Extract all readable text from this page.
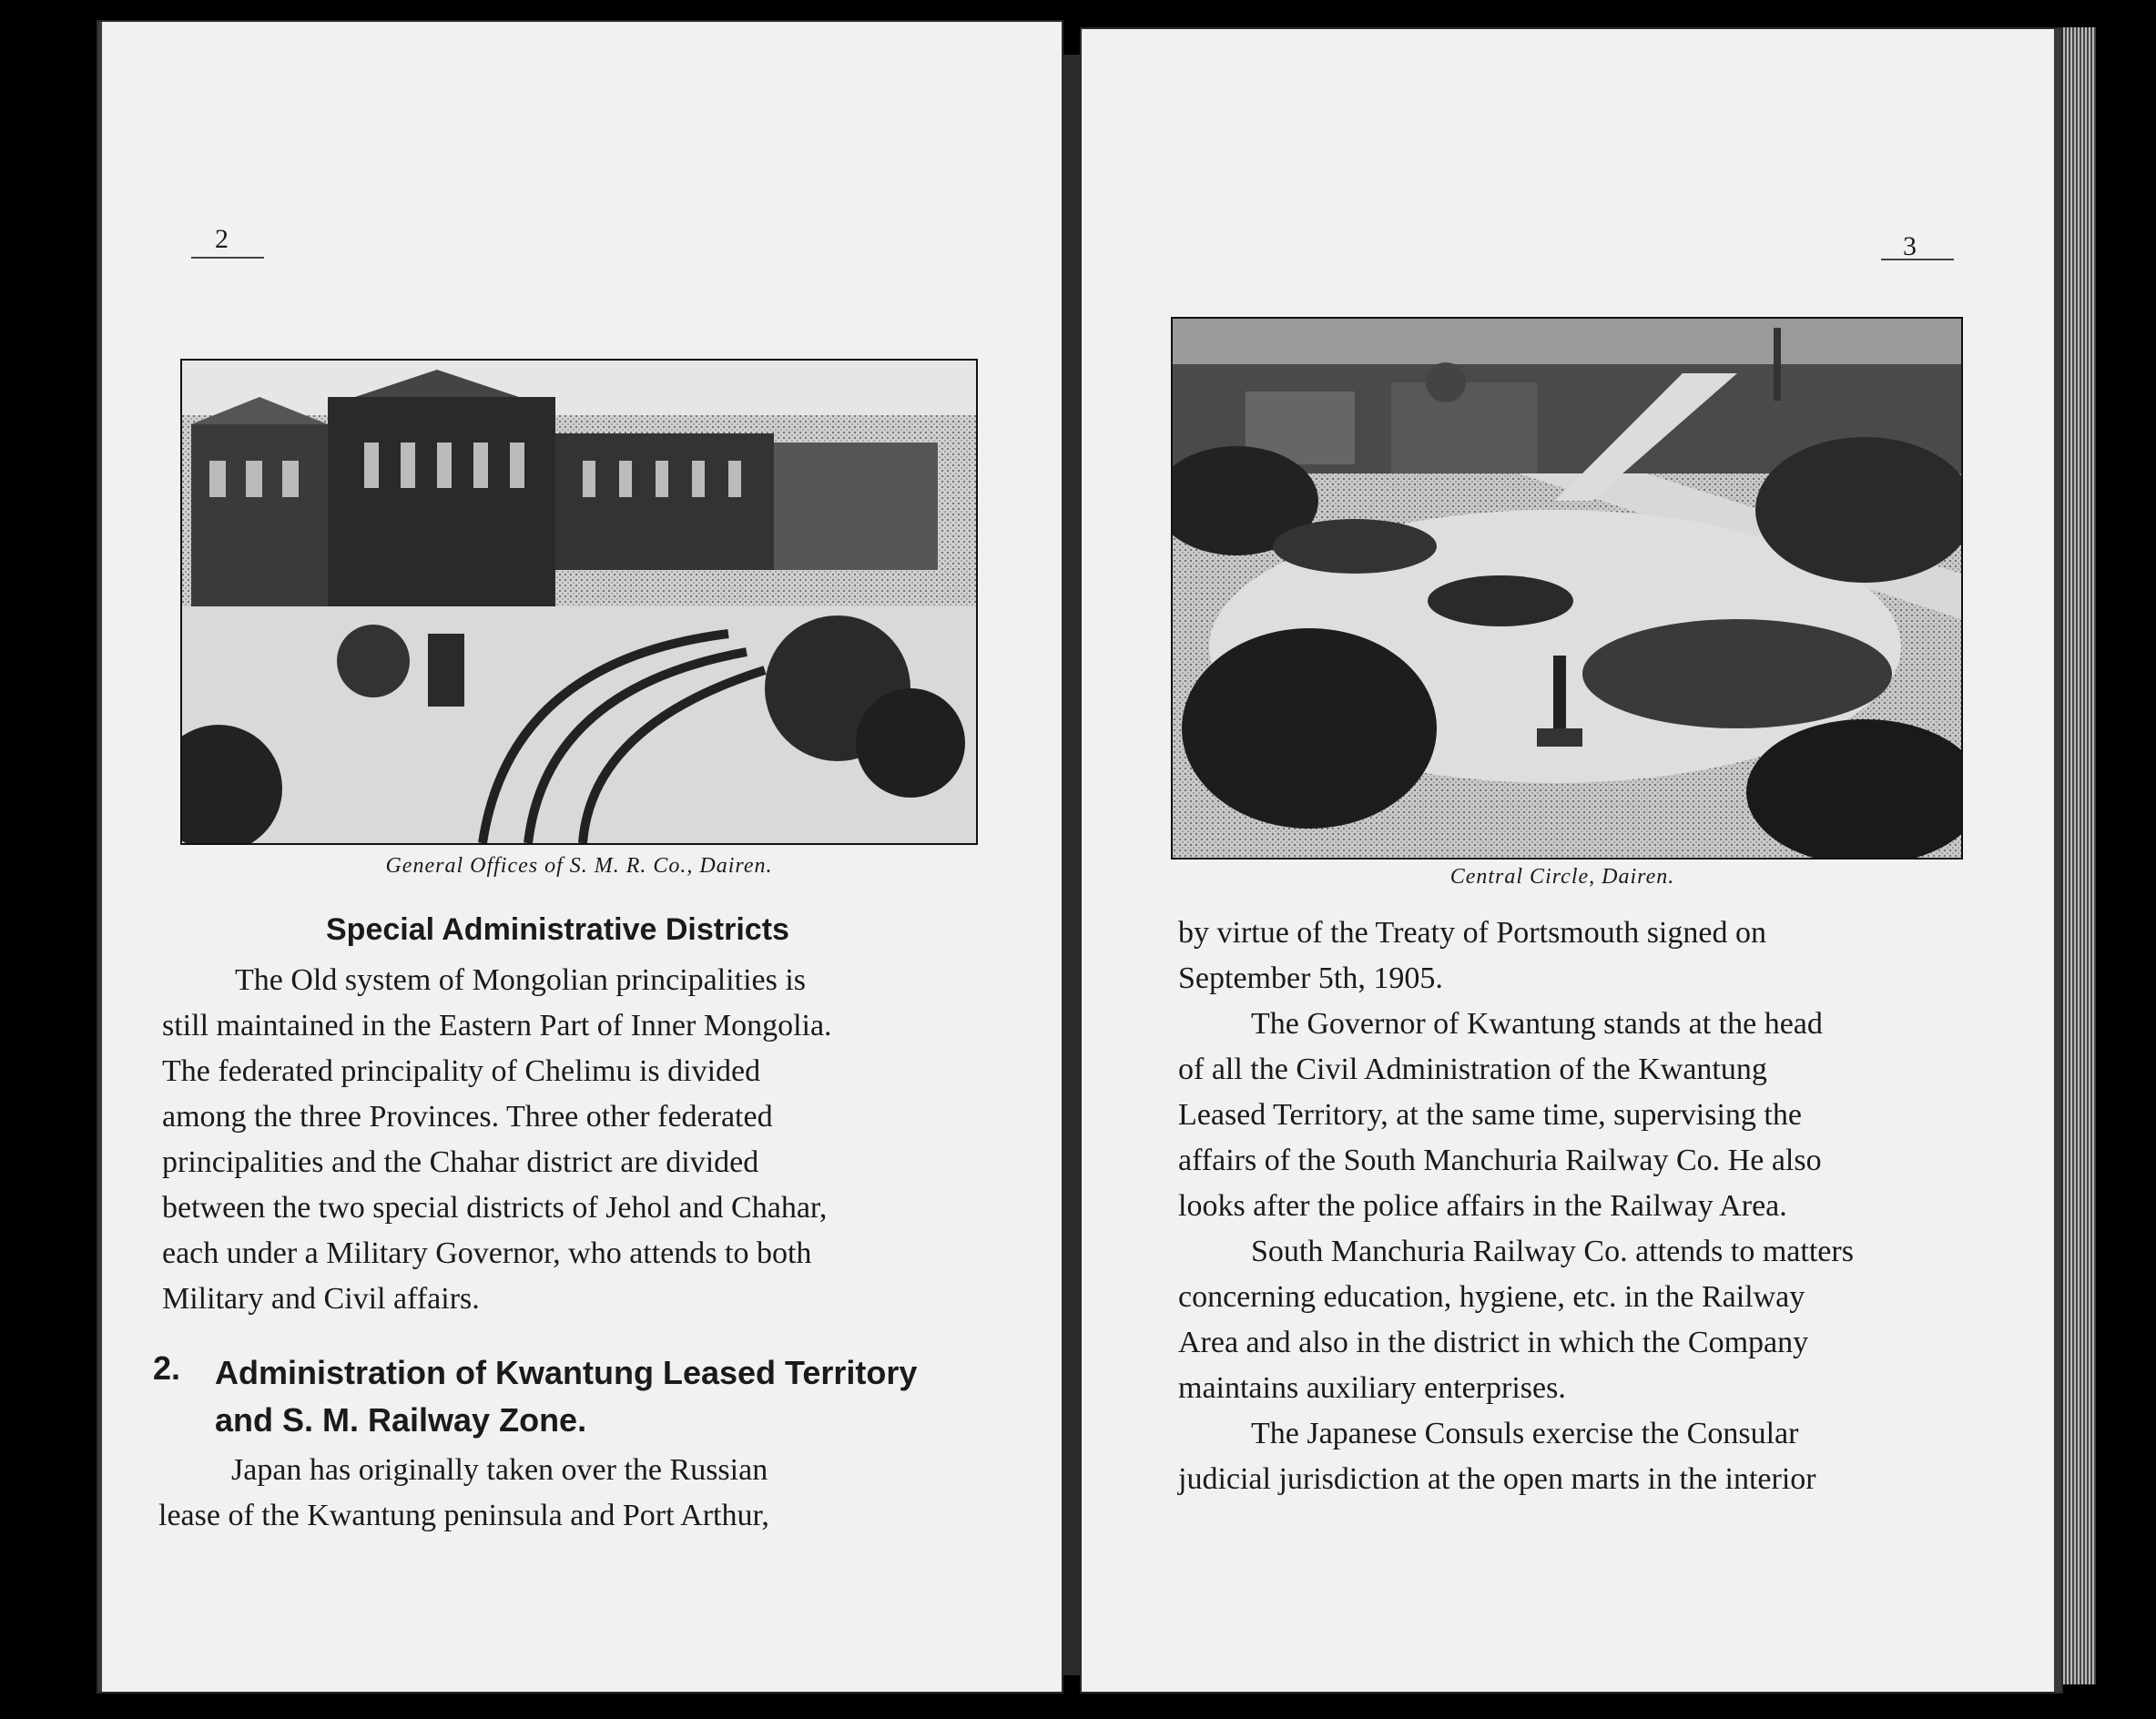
2
General Offices of S. M. R. Co., Dairen.
Special Administrative Districts

The Old system of Mongolian principalities is
still maintained in the Eastern Part of Inner Mongolia.
The federated principality of Chelimu is divided
among the three Provinces. Three other federated
principalities and the Chahar district are divided
between the two special districts of Jehol and Chahar,
each under a Military Governor, who attends to both
Military and Civil affairs.

2. Administration of Kwantung Leased Territory
and S. M. Railway Zone.

Japan has originally taken over the Russian
lease of the Kwantung peninsula and Port Arthur,

3
Central Circle, Dairen.

by virtue of the Treaty of Portsmouth signed on
September 5th, 1905.

The Governor of Kwantung stands at the head
of all the Civil Administration of the Kwantung
Leased Territory, at the same time, supervising the
affairs of the South Manchuria Railway Co. He also
looks after the police affairs in the Railway Area.

South Manchuria Railway Co. attends to matters
concerning education, hygiene, etc. in the Railway
Area and also in the district in which the Company
maintains auxiliary enterprises.

The Japanese Consuls exercise the Consular
judicial jurisdiction at the open marts in the interior
